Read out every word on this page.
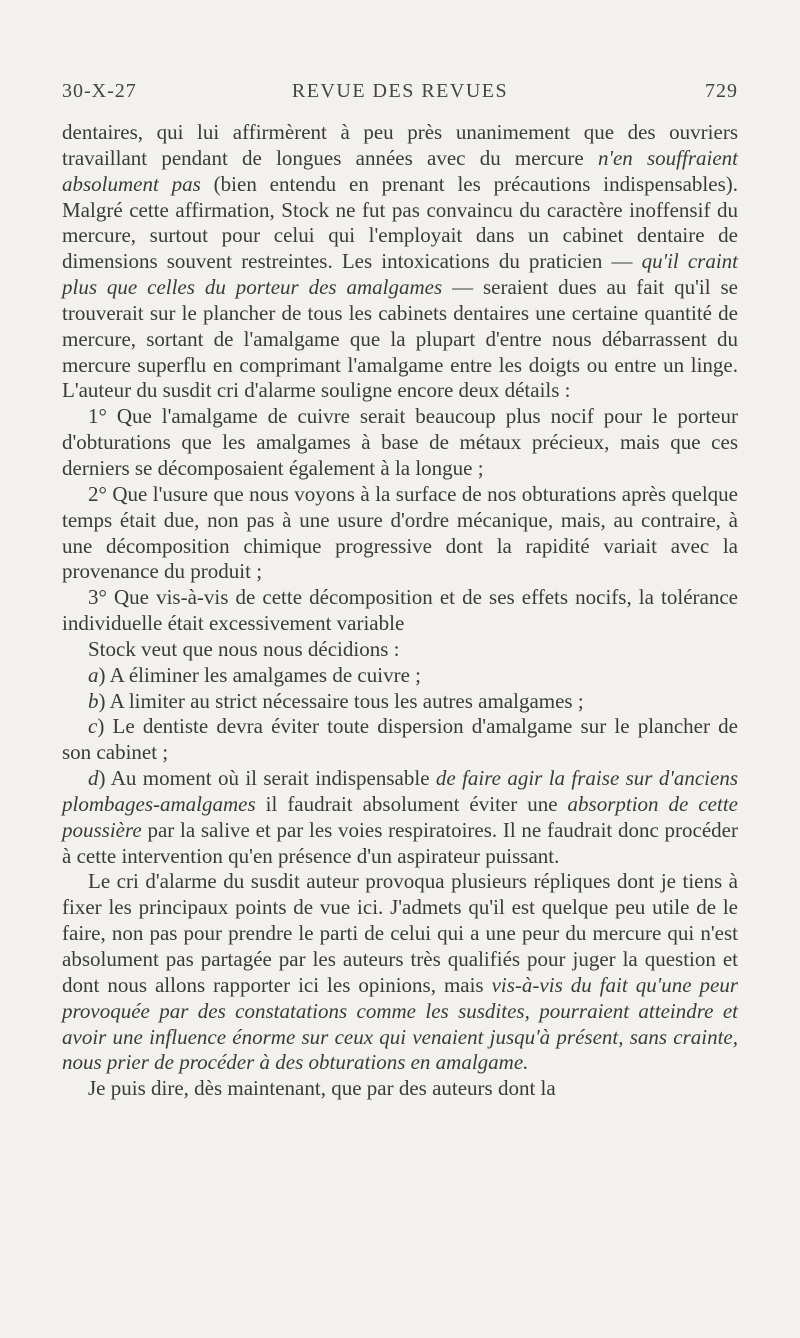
30-X-27	REVUE DES REVUES	729

dentaires, qui lui affirmèrent à peu près unanimement que des ouvriers travaillant pendant de longues années avec du mercure n'en souffraient absolument pas (bien entendu en prenant les précautions indispensables). Malgré cette affirmation, Stock ne fut pas convaincu du caractère inoffensif du mercure, surtout pour celui qui l'employait dans un cabinet dentaire de dimensions souvent restreintes. Les intoxications du praticien — qu'il craint plus que celles du porteur des amalgames — seraient dues au fait qu'il se trouverait sur le plancher de tous les cabinets dentaires une certaine quantité de mercure, sortant de l'amalgame que la plupart d'entre nous débarrassent du mercure superflu en comprimant l'amalgame entre les doigts ou entre un linge. L'auteur du susdit cri d'alarme souligne encore deux détails :

1° Que l'amalgame de cuivre serait beaucoup plus nocif pour le porteur d'obturations que les amalgames à base de métaux précieux, mais que ces derniers se décomposaient également à la longue ;

2° Que l'usure que nous voyons à la surface de nos obturations après quelque temps était due, non pas à une usure d'ordre mécanique, mais, au contraire, à une décomposition chimique progressive dont la rapidité variait avec la provenance du produit ;

3° Que vis-à-vis de cette décomposition et de ses effets nocifs, la tolérance individuelle était excessivement variable

Stock veut que nous nous décidions :

a) A éliminer les amalgames de cuivre ;

b) A limiter au strict nécessaire tous les autres amalgames ;

c) Le dentiste devra éviter toute dispersion d'amalgame sur le plancher de son cabinet ;

d) Au moment où il serait indispensable de faire agir la fraise sur d'anciens plombages-amalgames il faudrait absolument éviter une absorption de cette poussière par la salive et par les voies respiratoires. Il ne faudrait donc procéder à cette intervention qu'en présence d'un aspirateur puissant.

Le cri d'alarme du susdit auteur provoqua plusieurs répliques dont je tiens à fixer les principaux points de vue ici. J'admets qu'il est quelque peu utile de le faire, non pas pour prendre le parti de celui qui a une peur du mercure qui n'est absolument pas partagée par les auteurs très qualifiés pour juger la question et dont nous allons rapporter ici les opinions, mais vis-à-vis du fait qu'une peur provoquée par des constatations comme les susdites, pourraient atteindre et avoir une influence énorme sur ceux qui venaient jusqu'à présent, sans crainte, nous prier de procéder à des obturations en amalgame.

Je puis dire, dès maintenant, que par des auteurs dont la
